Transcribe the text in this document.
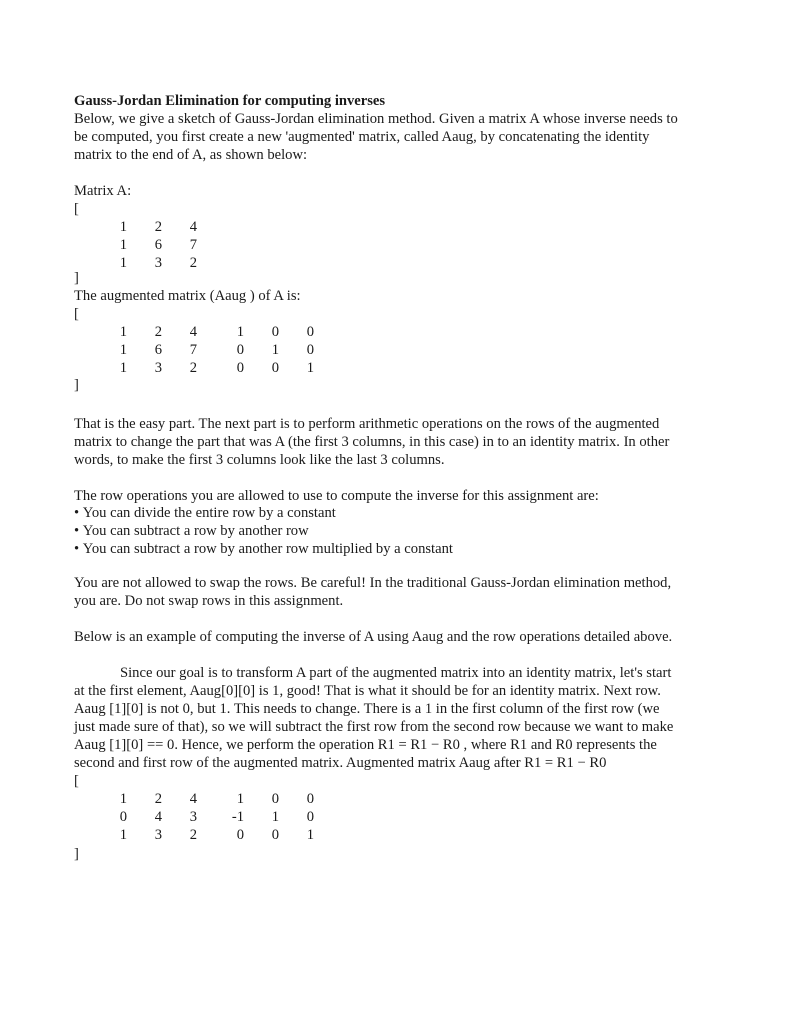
Gauss-Jordan Elimination for computing inverses

Below, we give a sketch of Gauss-Jordan elimination method. Given a matrix A whose inverse needs to

be computed, you first create a new 'augmented' matrix, called Aaug, by concatenating the identity

matrix to the end of A, as shown below:

Matrix A:

[

1	2	4
1	6	7
1	3	2

]

The augmented matrix (Aaug ) of A is:

[

1	2	4	1	0	0
1	6	7	0	1	0
1	3	2	0	0	1

]

That is the easy part. The next part is to perform arithmetic operations on the rows of the augmented

matrix to change the part that was A (the first 3 columns, in this case) in to an identity matrix. In other

words, to make the first 3 columns look like the last 3 columns.

The row operations you are allowed to use to compute the inverse for this assignment are:

• You can divide the entire row by a constant

• You can subtract a row by another row

• You can subtract a row by another row multiplied by a constant

You are not allowed to swap the rows. Be careful! In the traditional Gauss-Jordan elimination method,

you are. Do not swap rows in this assignment.

Below is an example of computing the inverse of A using Aaug and the row operations detailed above.

Since our goal is to transform A part of the augmented matrix into an identity matrix, let's start

at the first element, Aaug[0][0] is 1, good! That is what it should be for an identity matrix. Next row.

Aaug [1][0] is not 0, but 1. This needs to change. There is a 1 in the first column of the first row (we

just made sure of that), so we will subtract the first row from the second row because we want to make

Aaug [1][0] == 0. Hence, we perform the operation R1 = R1 − R0 , where R1 and R0 represents the

second and first row of the augmented matrix. Augmented matrix Aaug after R1 = R1 − R0

[

1	2	4	1	0	0
0	4	3	-1	1	0
1	3	2	0	0	1

]
